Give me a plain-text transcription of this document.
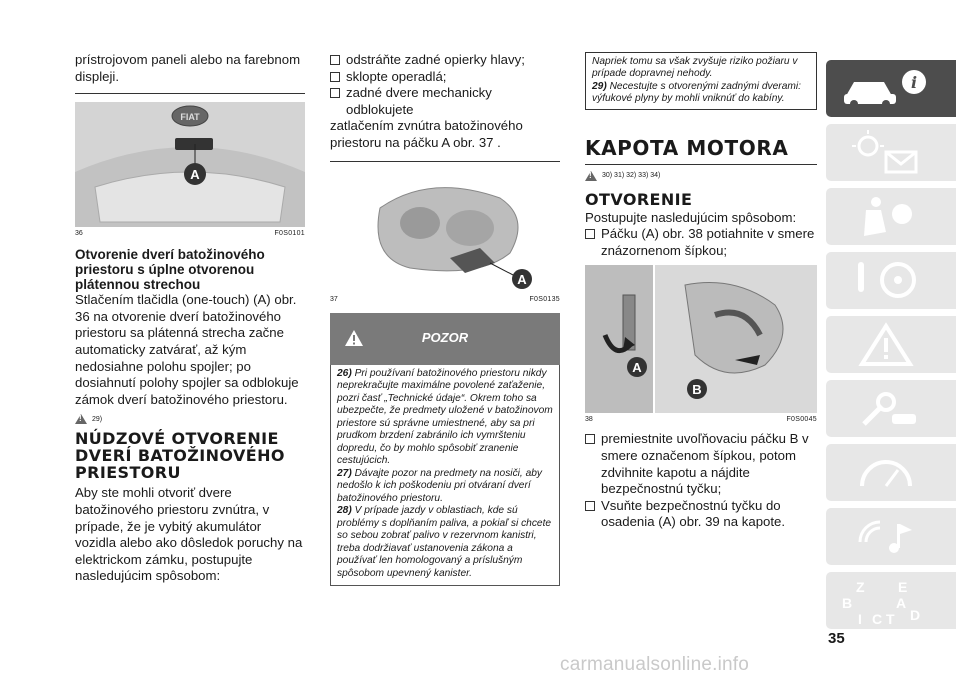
prístrojovom paneli alebo na farebnom displeji.

FIAT
A
36	F0S0101
Otvorenie dverí batožinového priestoru s úplne otvorenou plátennou strechou

Stlačením tlačidla (one-touch) (A) obr. 36 na otvorenie dverí batožinového priestoru sa plátenná strecha začne automaticky zatvárať, až kým nedosiahne polohu spojler; po dosiahnutí polohy spojler sa odblokuje zámok dverí batožinového priestoru.

!
29)
NÚDZOVÉ OTVORENIE DVERÍ BATOŽINOVÉHO PRIESTORU

Aby ste mohli otvoriť dvere batožinového priestoru zvnútra, v prípade, že je vybitý akumulátor vozidla alebo ako dôsledok poruchy na elektrickom zámku, postupujte nasledujúcim spôsobom:

odstráňte zadné opierky hlavy;
sklopte operadlá;
zadné dvere mechanicky odblokujete

zatlačením zvnútra batožinového priestoru na páčku A obr. 37 .

A
37	F0S0135
POZOR
26) Pri používaní batožinového priestoru nikdy neprekračujte maximálne povolené zaťaženie, pozri časť „Technické údaje“. Okrem toho sa ubezpečte, že predmety uložené v batožinovom priestore sú správne umiestnené, aby sa pri prudkom brzdení zabránilo ich vymršteniu dopredu, čo by mohlo spôsobiť zranenie cestujúcich.
27) Dávajte pozor na predmety na nosiči, aby nedošlo k ich poškodeniu pri otváraní dverí batožinového priestoru.
28) V prípade jazdy v oblastiach, kde sú problémy s doplňaním paliva, a pokiaľ si chcete so sebou zobrať palivo v rezervnom kanistri, treba dodržiavať ustanovenia zákona a používať len homologovaný a príslušným spôsobom upevnený kanister.
Napriek tomu sa však zvyšuje riziko požiaru v prípade dopravnej nehody.
29) Necestujte s otvorenými zadnými dverami: výfukové plyny by mohli vniknúť do kabíny.
KAPOTA MOTORA
!
30) 31) 32) 33) 34)
OTVORENIE

Postupujte nasledujúcim spôsobom:

Páčku (A) obr. 38 potiahnite v smere znázornenom šípkou;
A
B
38	F0S0045
premiestnite uvoľňovaciu páčku B v smere označenom šípkou, potom zdvihnite kapotu a nájdite bezpečnostnú tyčku;
Vsuňte bezpečnostnú tyčku do osadenia (A) obr. 39 na kapote.
i
Z E
B	A
I C T D
35
carmanualsonline.info
